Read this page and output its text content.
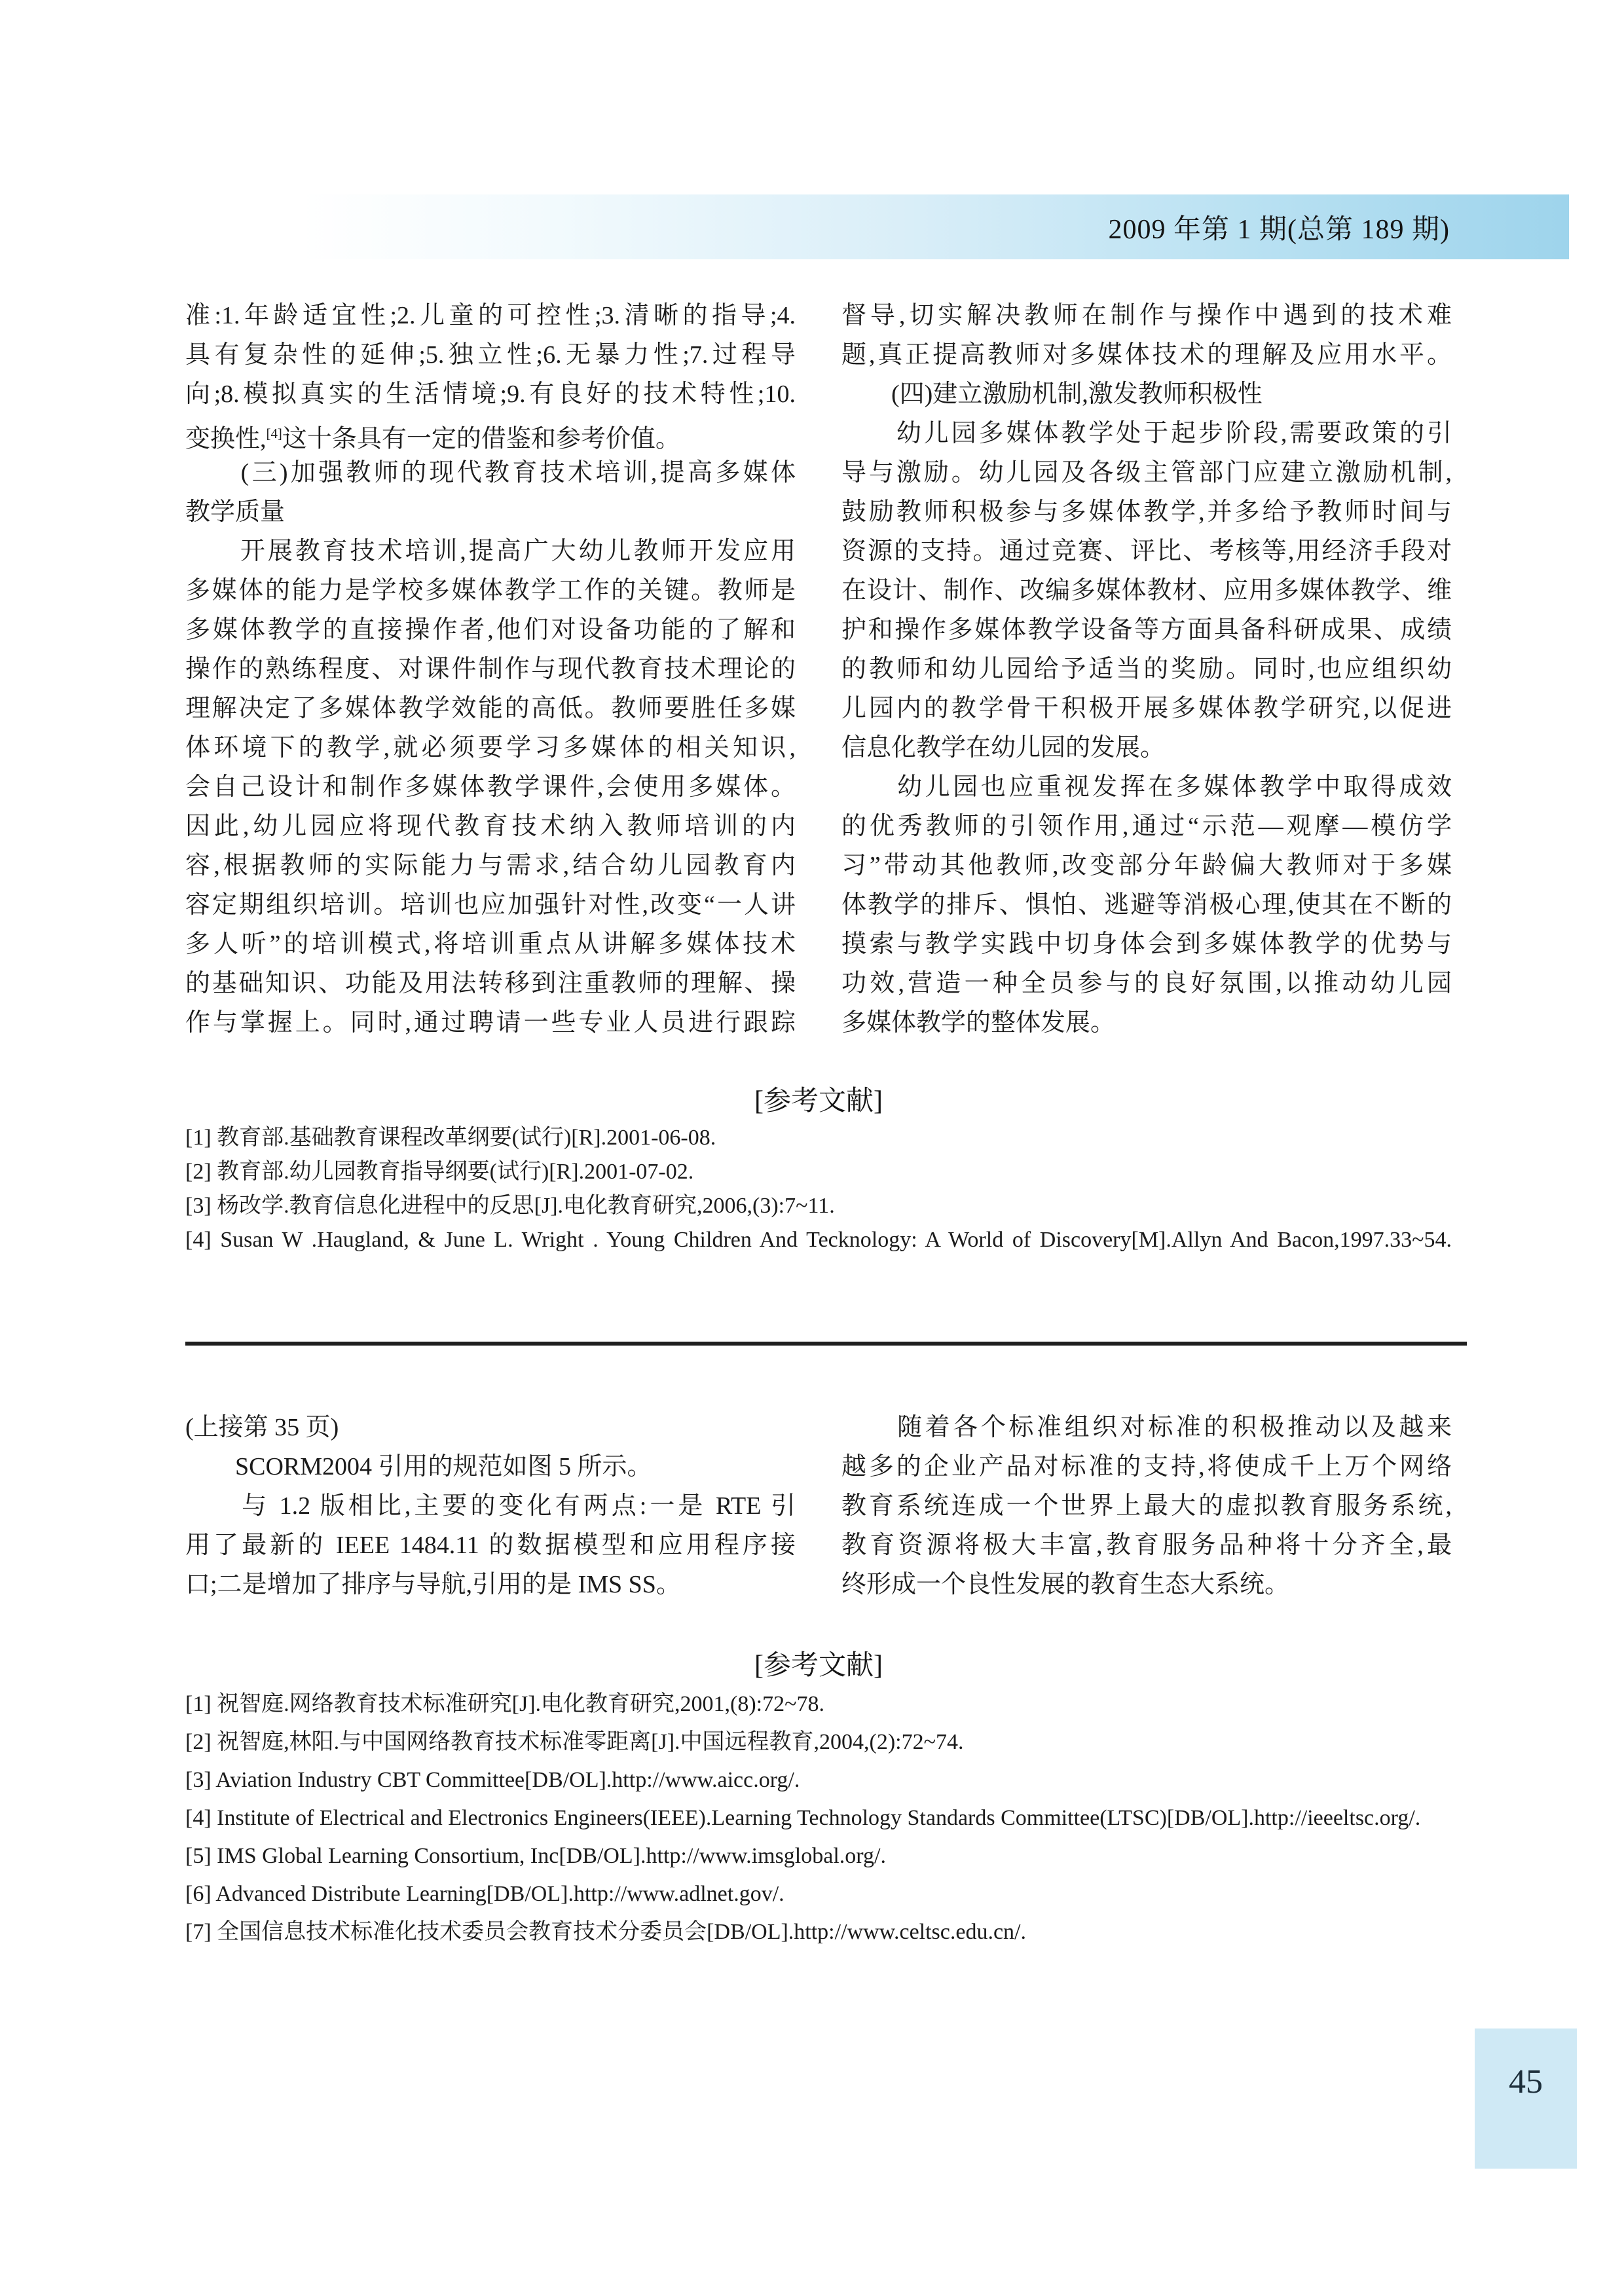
2009 年第 1 期(总第 189 期)
准:1.年龄适宜性;2.儿童的可控性;3.清晰的指导;4.
具有复杂性的延伸;5.独立性;6.无暴力性;7.过程导
向;8.模拟真实的生活情境;9.有良好的技术特性;10.
变换性,[4]这十条具有一定的借鉴和参考价值。
　　(三)加强教师的现代教育技术培训,提高多媒体
教学质量
　　开展教育技术培训,提高广大幼儿教师开发应用
多媒体的能力是学校多媒体教学工作的关键。教师是
多媒体教学的直接操作者,他们对设备功能的了解和
操作的熟练程度、对课件制作与现代教育技术理论的
理解决定了多媒体教学效能的高低。教师要胜任多媒
体环境下的教学,就必须要学习多媒体的相关知识,
会自己设计和制作多媒体教学课件,会使用多媒体。
因此,幼儿园应将现代教育技术纳入教师培训的内
容,根据教师的实际能力与需求,结合幼儿园教育内
容定期组织培训。培训也应加强针对性,改变“一人讲
多人听”的培训模式,将培训重点从讲解多媒体技术
的基础知识、功能及用法转移到注重教师的理解、操
作与掌握上。同时,通过聘请一些专业人员进行跟踪
督导,切实解决教师在制作与操作中遇到的技术难
题,真正提高教师对多媒体技术的理解及应用水平。
　　(四)建立激励机制,激发教师积极性
　　幼儿园多媒体教学处于起步阶段,需要政策的引
导与激励。幼儿园及各级主管部门应建立激励机制,
鼓励教师积极参与多媒体教学,并多给予教师时间与
资源的支持。通过竞赛、评比、考核等,用经济手段对
在设计、制作、改编多媒体教材、应用多媒体教学、维
护和操作多媒体教学设备等方面具备科研成果、成绩
的教师和幼儿园给予适当的奖励。同时,也应组织幼
儿园内的教学骨干积极开展多媒体教学研究,以促进
信息化教学在幼儿园的发展。
　　幼儿园也应重视发挥在多媒体教学中取得成效
的优秀教师的引领作用,通过“示范—观摩—模仿学
习”带动其他教师,改变部分年龄偏大教师对于多媒
体教学的排斥、惧怕、逃避等消极心理,使其在不断的
摸索与教学实践中切身体会到多媒体教学的优势与
功效,营造一种全员参与的良好氛围,以推动幼儿园
多媒体教学的整体发展。
[参考文献]
[1] 教育部.基础教育课程改革纲要(试行)[R].2001-06-08.
[2] 教育部.幼儿园教育指导纲要(试行)[R].2001-07-02.
[3] 杨改学.教育信息化进程中的反思[J].电化教育研究,2006,(3):7~11.
[4] Susan W .Haugland, & June L. Wright . Young Children And Tecknology: A World of Discovery[M].Allyn And Bacon,1997.33~54.
(上接第 35 页)
　　SCORM2004 引用的规范如图 5 所示。
　　与 1.2 版相比,主要的变化有两点:一是 RTE 引
用了最新的 IEEE 1484.11 的数据模型和应用程序接
口;二是增加了排序与导航,引用的是 IMS SS。
　　随着各个标准组织对标准的积极推动以及越来
越多的企业产品对标准的支持,将使成千上万个网络
教育系统连成一个世界上最大的虚拟教育服务系统,
教育资源将极大丰富,教育服务品种将十分齐全,最
终形成一个良性发展的教育生态大系统。
[参考文献]
[1] 祝智庭.网络教育技术标准研究[J].电化教育研究,2001,(8):72~78.
[2] 祝智庭,林阳.与中国网络教育技术标准零距离[J].中国远程教育,2004,(2):72~74.
[3] Aviation Industry CBT Committee[DB/OL].http://www.aicc.org/.
[4] Institute of Electrical and Electronics Engineers(IEEE).Learning Technology Standards Committee(LTSC)[DB/OL].http://ieeeltsc.org/.
[5] IMS Global Learning Consortium, Inc[DB/OL].http://www.imsglobal.org/.
[6] Advanced Distribute Learning[DB/OL].http://www.adlnet.gov/.
[7] 全国信息技术标准化技术委员会教育技术分委员会[DB/OL].http://www.celtsc.edu.cn/.
45
